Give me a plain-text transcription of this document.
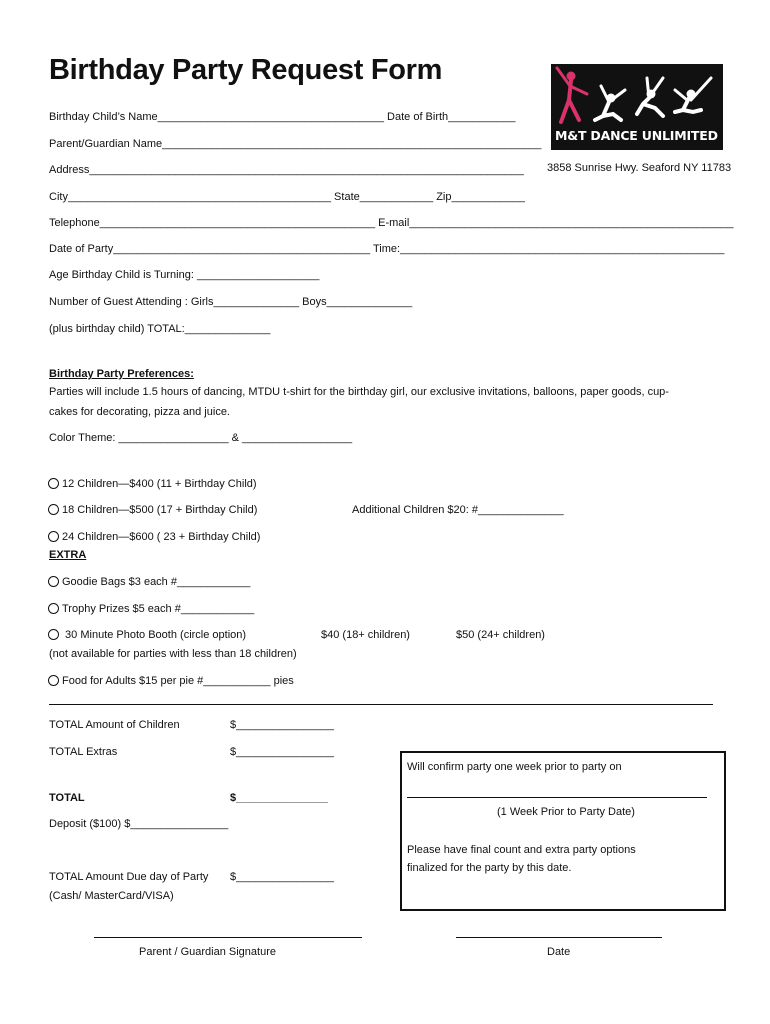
Birthday Party Request Form
M&T DANCE UNLIMITED
3858 Sunrise Hwy. Seaford NY 11783
Birthday Child’s Name_____________________________________ Date of Birth___________
Parent/Guardian Name______________________________________________________________
Address_______________________________________________________________________
City___________________________________________ State____________ Zip____________
Telephone_____________________________________________ E-mail_____________________________________________________
Date of Party__________________________________________ Time:_____________________________________________________
Age Birthday Child is Turning: ____________________
Number of Guest Attending : Girls______________ Boys______________
(plus birthday child) TOTAL:______________
Birthday Party Preferences:
Parties will include 1.5 hours of dancing, MTDU t-shirt for the birthday girl, our exclusive invitations, balloons, paper goods, cup-
cakes for decorating, pizza and juice.
Color Theme: __________________ & __________________
12 Children—$400 (11 + Birthday Child)
18 Children—$500 (17 + Birthday Child)	Additional Children $20: #______________
24 Children—$600 ( 23 + Birthday Child)
EXTRA
Goodie Bags $3 each #____________
Trophy Prizes $5 each #____________
30 Minute Photo Booth (circle option)	$40 (18+ children)	$50 (24+ children)
(not available for parties with less than 18 children)
Food for Adults $15 per pie #___________ pies
TOTAL Amount of Children	$________________
TOTAL Extras	$________________
TOTAL	$_______________
Deposit ($100) $________________
TOTAL Amount Due day of Party $________________
(Cash/ MasterCard/VISA)
Will confirm party one week prior to party on
(1 Week Prior to Party Date)
Please have final count and extra party options
finalized for the party by this date.
Parent / Guardian Signature	Date
